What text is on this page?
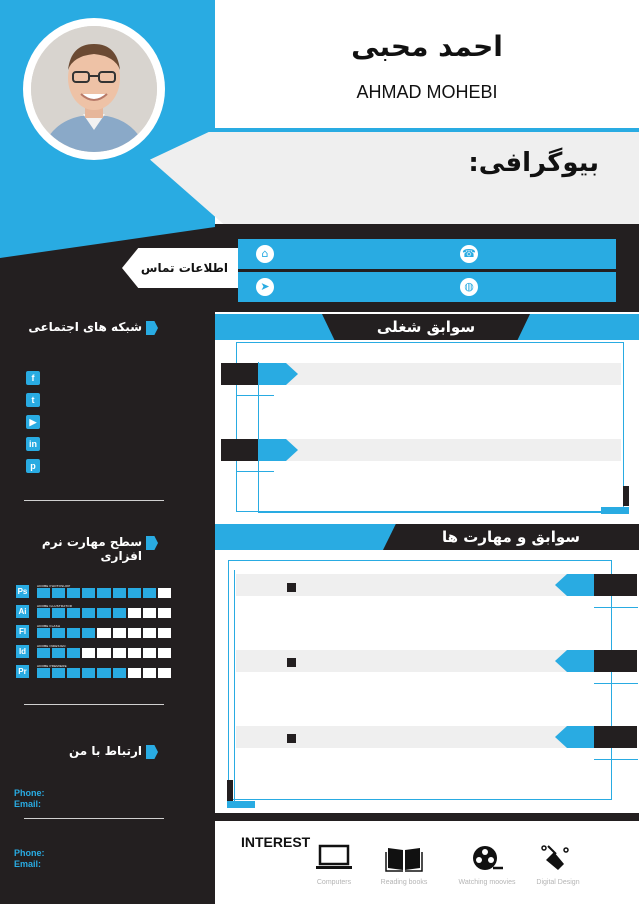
احمد محبی
AHMAD MOHEBI
بیوگرافی:
⌂	☎
➤	◍
اطلاعات تماس
سوابق شغلی
سوابق و مهارت ها
شبکه های اجتماعی
f
t
▶
in
p
سطح مهارت نرم افزاری
Ps
ADOBE PHOTOSHOP
Ai
ADOBE ILLUSTRATOR
Fl
ADOBE FLASH
Id
ADOBE INDESIGN
Pr
ADOBE PREMIERE
ارتباط با من
Phone:
Email:
Phone:
Email:
INTEREST
Computers	Reading books	Watching moovies	Digital Design
